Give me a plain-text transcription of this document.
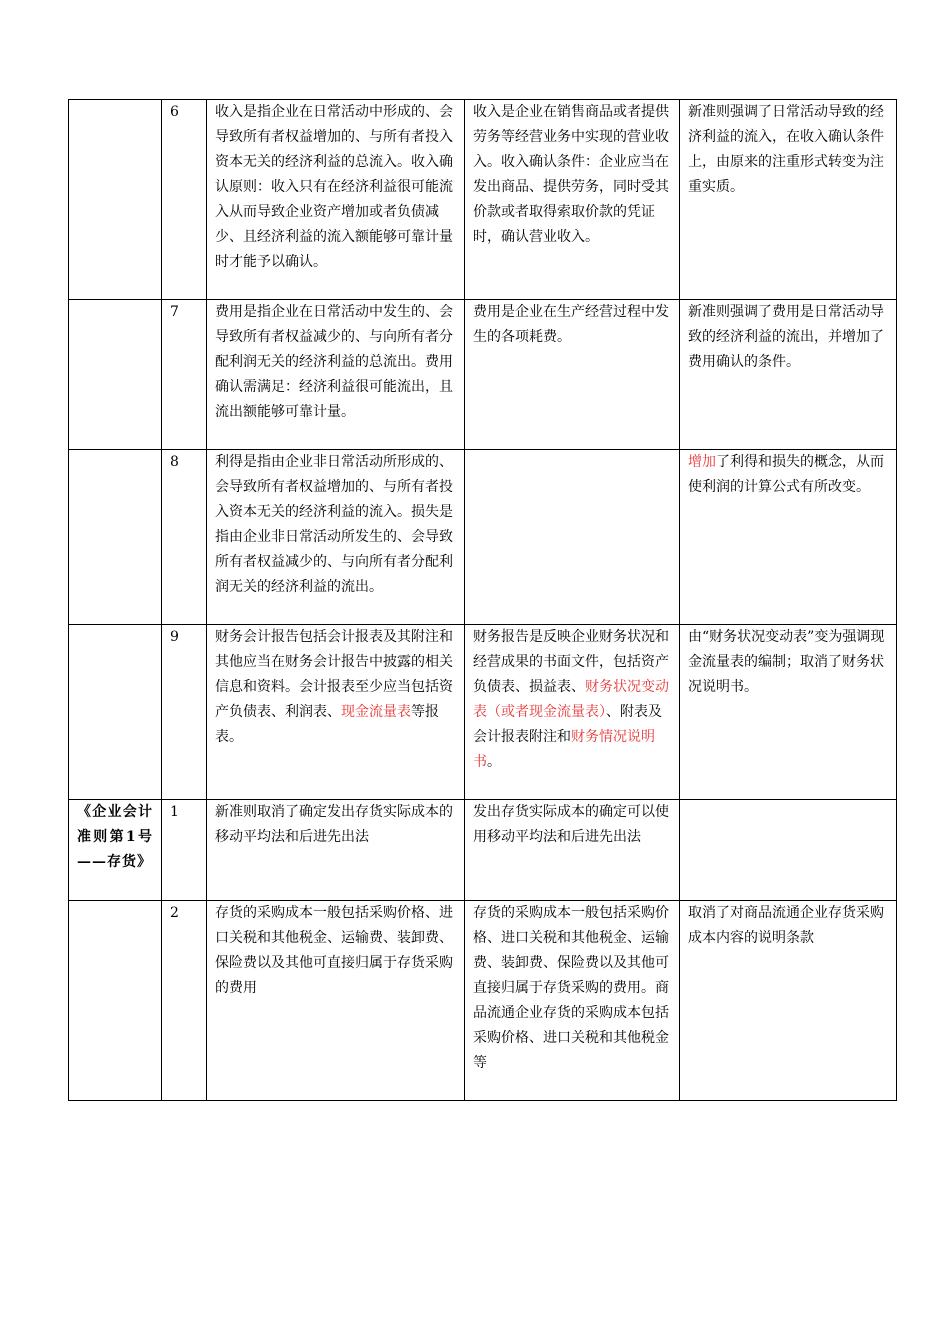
	6	收入是指企业在日常活动中形成的、会导致所有者权益增加的、与所有者投入资本无关的经济利益的总流入。收入确认原则：收入只有在经济利益很可能流入从而导致企业资产增加或者负债减少、且经济利益的流入额能够可靠计量时才能予以确认。	收入是企业在销售商品或者提供劳务等经营业务中实现的营业收入。收入确认条件：企业应当在发出商品、提供劳务，同时受其价款或者取得索取价款的凭证时，确认营业收入。	新准则强调了日常活动导致的经济利益的流入，在收入确认条件上，由原来的注重形式转变为注重实质。
	7	费用是指企业在日常活动中发生的、会导致所有者权益减少的、与向所有者分配利润无关的经济利益的总流出。费用确认需满足：经济利益很可能流出，且流出额能够可靠计量。	费用是企业在生产经营过程中发生的各项耗费。	新准则强调了费用是日常活动导致的经济利益的流出，并增加了费用确认的条件。
	8	利得是指由企业非日常活动所形成的、会导致所有者权益增加的、与所有者投入资本无关的经济利益的流入。损失是指由企业非日常活动所发生的、会导致所有者权益减少的、与向所有者分配利润无关的经济利益的流出。		增加了利得和损失的概念，从而使利润的计算公式有所改变。
	9	财务会计报告包括会计报表及其附注和其他应当在财务会计报告中披露的相关信息和资料。会计报表至少应当包括资产负债表、利润表、现金流量表等报表。	财务报告是反映企业财务状况和经营成果的书面文件，包括资产负债表、损益表、财务状况变动表（或者现金流量表）、附表及会计报表附注和财务情况说明书。	由“财务状况变动表”变为强调现金流量表的编制；取消了财务状况说明书。
《企业会计准则第1号——存货》	1	新准则取消了确定发出存货实际成本的移动平均法和后进先出法	发出存货实际成本的确定可以使用移动平均法和后进先出法	
	2	存货的采购成本一般包括采购价格、进口关税和其他税金、运输费、装卸费、保险费以及其他可直接归属于存货采购的费用	存货的采购成本一般包括采购价格、进口关税和其他税金、运输费、装卸费、保险费以及其他可直接归属于存货采购的费用。商品流通企业存货的采购成本包括采购价格、进口关税和其他税金等	取消了对商品流通企业存货采购成本内容的说明条款
